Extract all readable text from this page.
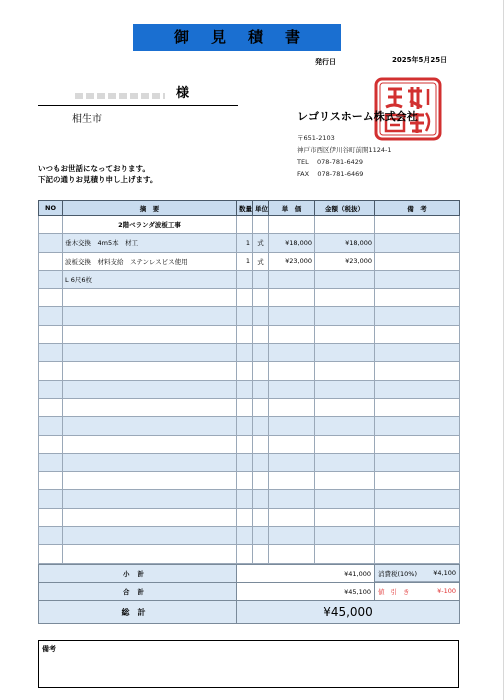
御見積書
発行日	2025年5月25日
様
相生市	レゴリスホーム株式会社
〒651-2103
神戸市西区伊川谷町前開1124-1
TEL 078-781-6429
FAX 078-781-6469
いつもお世話になっております。
下記の通りお見積り申し上げます。
NO	摘　要	数量	単位	単　価	金額（税抜）	備　考
	2階ベランダ波板工事					
	垂木交換　4m5本　材工	1	式	¥18,000	¥18,000	
	波板交換　材料支給　ステンレスビス使用	1	式	¥23,000	¥23,000	
	L 6尺6枚					

小計	¥41,000	消費税(10%) ¥4,100

合計	¥45,100	値引き ¥-100

総計	¥45,000	
備考
